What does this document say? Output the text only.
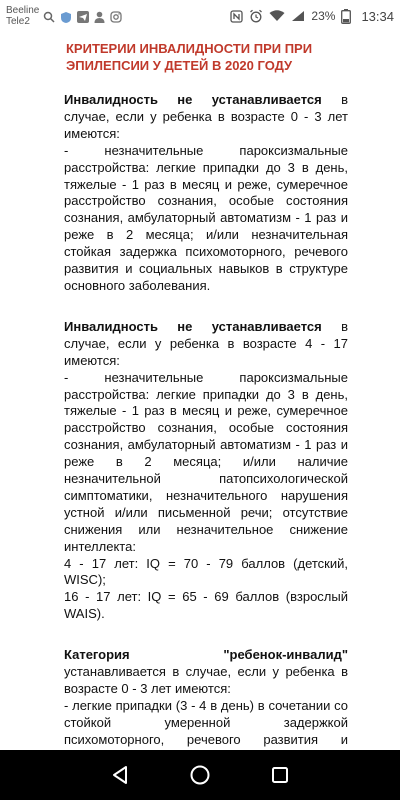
Beeline
Tele2	23% 13:34
КРИТЕРИИ ИНВАЛИДНОСТИ ПРИ ПРИ ЭПИЛЕПСИИ У ДЕТЕЙ В 2020 ГОДУ

Инвалидность не устанавливается в случае, если у ребенка в возрасте 0 - 3 лет имеются:

- незначительные пароксизмальные расстройства: легкие припадки до 3 в день, тяжелые - 1 раз в месяц и реже, сумеречное расстройство сознания, особые состояния сознания, амбулаторный автоматизм - 1 раз и реже в 2 месяца; и/или незначительная стойкая задержка психомоторного, речевого развития и социальных навыков в структуре основного заболевания.

Инвалидность не устанавливается в случае, если у ребенка в возрасте 4 - 17 имеются:

- незначительные пароксизмальные расстройства: легкие припадки до 3 в день, тяжелые - 1 раз в месяц и реже, сумеречное расстройство сознания, особые состояния сознания, амбулаторный автоматизм - 1 раз и реже в 2 месяца; и/или наличие незначительной патопсихологической симптоматики, незначительного нарушения устной и/или письменной речи; отсутствие снижения или незначительное снижение интеллекта:

4 - 17 лет: IQ = 70 - 79 баллов (детский, WISC);

16 - 17 лет: IQ = 65 - 69 баллов (взрослый WAIS).

Категория "ребенок-инвалид" устанавливается в случае, если у ребенка в возрасте 0 - 3 лет имеются:

- легкие припадки (3 - 4 в день) в сочетании со стойкой умеренной задержкой психомоторного, речевого развития и
